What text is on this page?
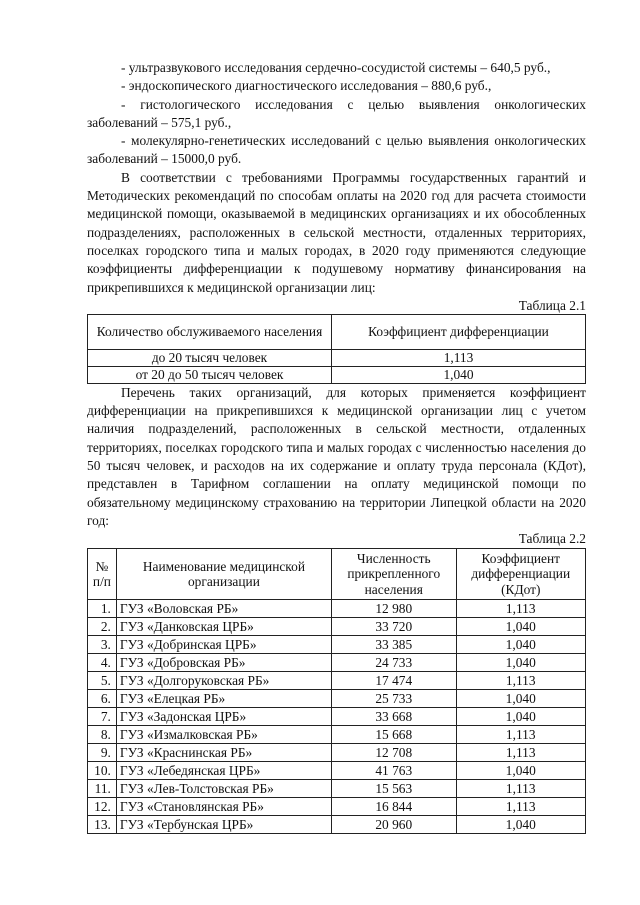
- ультразвукового исследования сердечно-сосудистой системы – 640,5 руб.,

- эндоскопического диагностического исследования – 880,6 руб.,

- гистологического исследования с целью выявления онкологических заболеваний – 575,1 руб.,

- молекулярно-генетических исследований с целью выявления онкологических заболеваний – 15000,0 руб.

В соответствии с требованиями Программы государственных гарантий и Методических рекомендаций по способам оплаты на 2020 год для расчета стоимости медицинской помощи, оказываемой в медицинских организациях и их обособленных подразделениях, расположенных в сельской местности, отдаленных территориях, поселках городского типа и малых городах, в 2020 году применяются следующие коэффициенты дифференциации к подушевому нормативу финансирования на прикрепившихся к медицинской организации лиц:

Таблица 2.1

Количество обслуживаемого населения	Коэффициент дифференциации
до 20 тысяч человек	1,113
от 20 до 50 тысяч человек	1,040

Перечень таких организаций, для которых применяется коэффициент дифференциации на прикрепившихся к медицинской организации лиц с учетом наличия подразделений, расположенных в сельской местности, отдаленных территориях, поселках городского типа и малых городах с численностью населения до 50 тысяч человек, и расходов на их содержание и оплату труда персонала (КДот), представлен в Тарифном соглашении на оплату медицинской помощи по обязательному медицинскому страхованию на территории Липецкой области на 2020 год:

Таблица 2.2

№ п/п	Наименование медицинской организации	Численность прикрепленного населения	Коэффициент дифференциации (КДот)
1.	ГУЗ «Воловская РБ»	12 980	1,113
2.	ГУЗ «Данковская ЦРБ»	33 720	1,040
3.	ГУЗ «Добринская ЦРБ»	33 385	1,040
4.	ГУЗ «Добровская РБ»	24 733	1,040
5.	ГУЗ «Долгоруковская РБ»	17 474	1,113
6.	ГУЗ «Елецкая РБ»	25 733	1,040
7.	ГУЗ «Задонская ЦРБ»	33 668	1,040
8.	ГУЗ «Измалковская РБ»	15 668	1,113
9.	ГУЗ «Краснинская РБ»	12 708	1,113
10.	ГУЗ «Лебедянская ЦРБ»	41 763	1,040
11.	ГУЗ «Лев-Толстовская РБ»	15 563	1,113
12.	ГУЗ «Становлянская РБ»	16 844	1,113
13.	ГУЗ «Тербунская ЦРБ»	20 960	1,040
